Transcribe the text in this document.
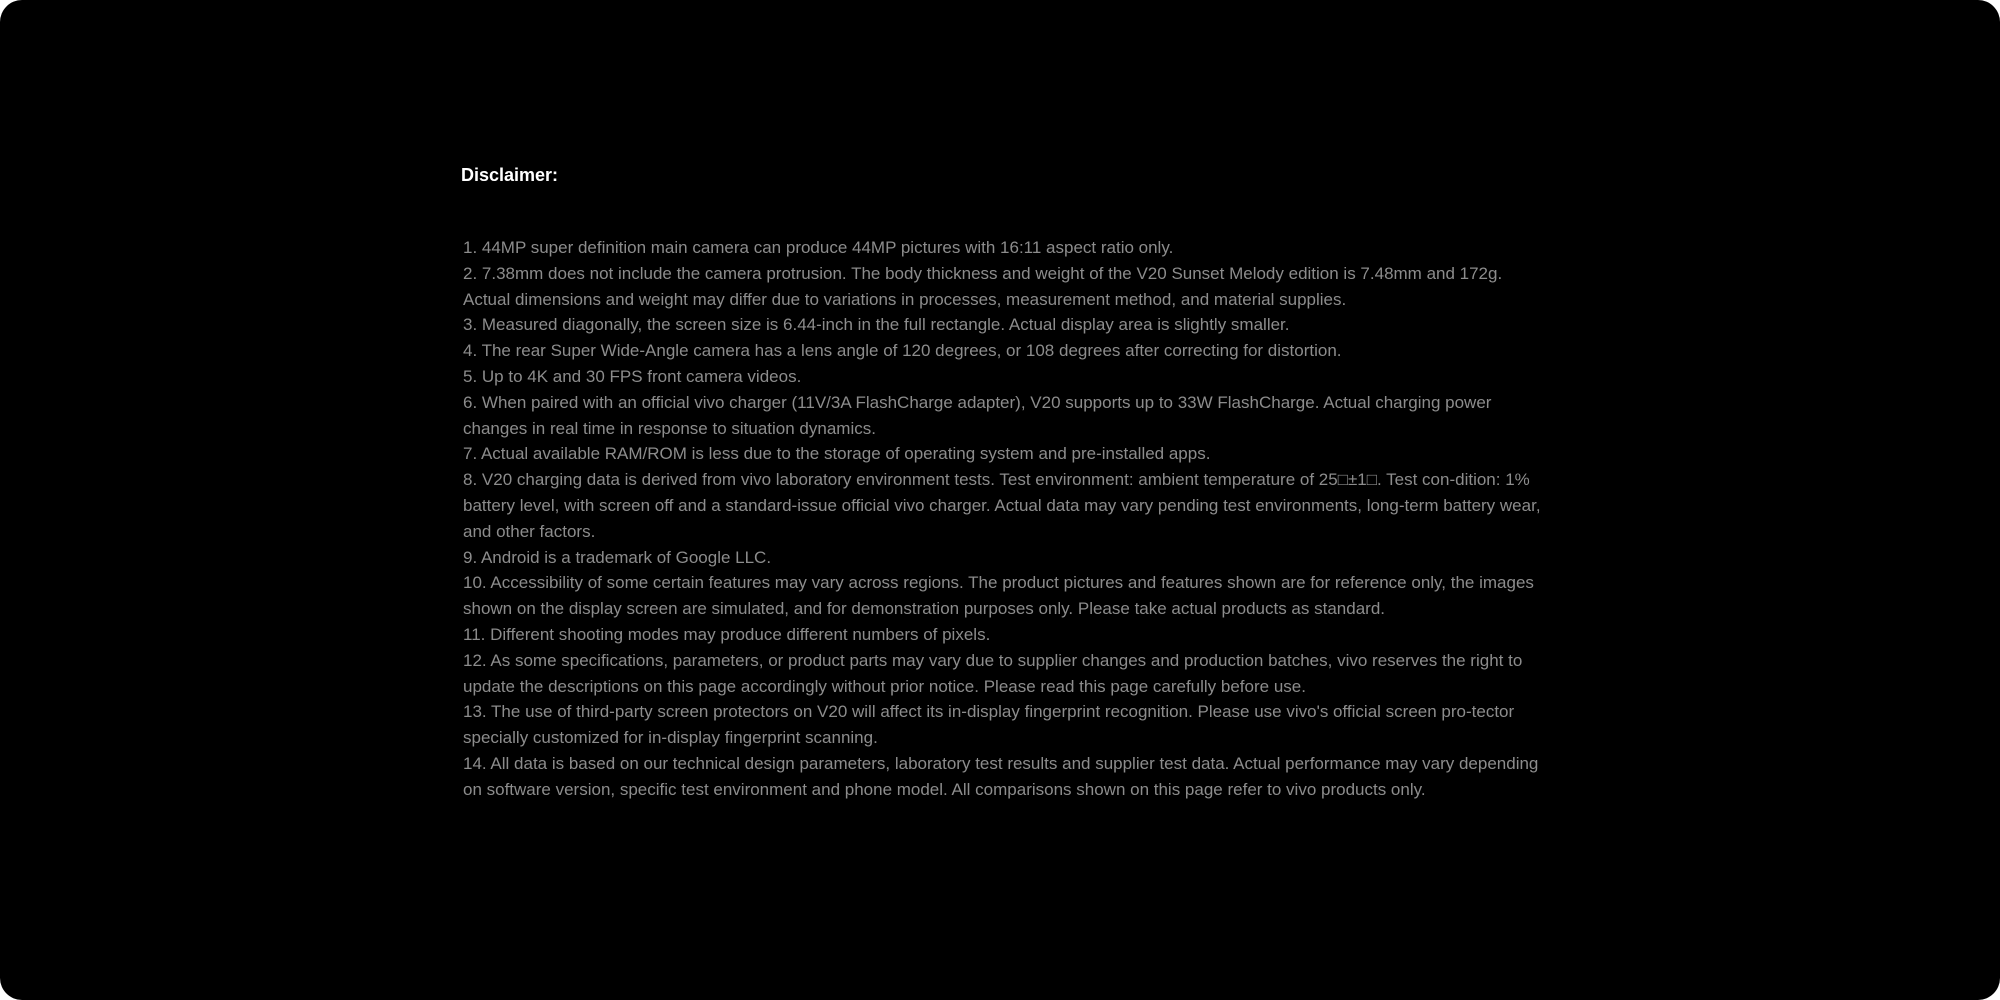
Disclaimer:
1. 44MP super definition main camera can produce 44MP pictures with 16:11 aspect ratio only.
2. 7.38mm does not include the camera protrusion. The body thickness and weight of the V20 Sunset Melody edition is 7.48mm and 172g. Actual dimensions and weight may differ due to variations in processes, measurement method, and material supplies.
3. Measured diagonally, the screen size is 6.44-inch in the full rectangle. Actual display area is slightly smaller.
4. The rear Super Wide-Angle camera has a lens angle of 120 degrees, or 108 degrees after correcting for distortion.
5. Up to 4K and 30 FPS front camera videos.
6. When paired with an official vivo charger (11V/3A FlashCharge adapter), V20 supports up to 33W FlashCharge. Actual charging power changes in real time in response to situation dynamics.
7. Actual available RAM/ROM is less due to the storage of operating system and pre-installed apps.
8. V20 charging data is derived from vivo laboratory environment tests. Test environment: ambient temperature of 25□±1□. Test con-dition: 1% battery level, with screen off and a standard-issue official vivo charger. Actual data may vary pending test environments, long-term battery wear, and other factors.
9. Android is a trademark of Google LLC.
10. Accessibility of some certain features may vary across regions. The product pictures and features shown are for reference only, the images shown on the display screen are simulated, and for demonstration purposes only. Please take actual products as standard.
11. Different shooting modes may produce different numbers of pixels.
12. As some specifications, parameters, or product parts may vary due to supplier changes and production batches, vivo reserves the right to update the descriptions on this page accordingly without prior notice. Please read this page carefully before use.
13. The use of third-party screen protectors on V20 will affect its in-display fingerprint recognition. Please use vivo's official screen pro-tector specially customized for in-display fingerprint scanning.
14. All data is based on our technical design parameters, laboratory test results and supplier test data. Actual performance may vary depending on software version, specific test environment and phone model. All comparisons shown on this page refer to vivo products only.
